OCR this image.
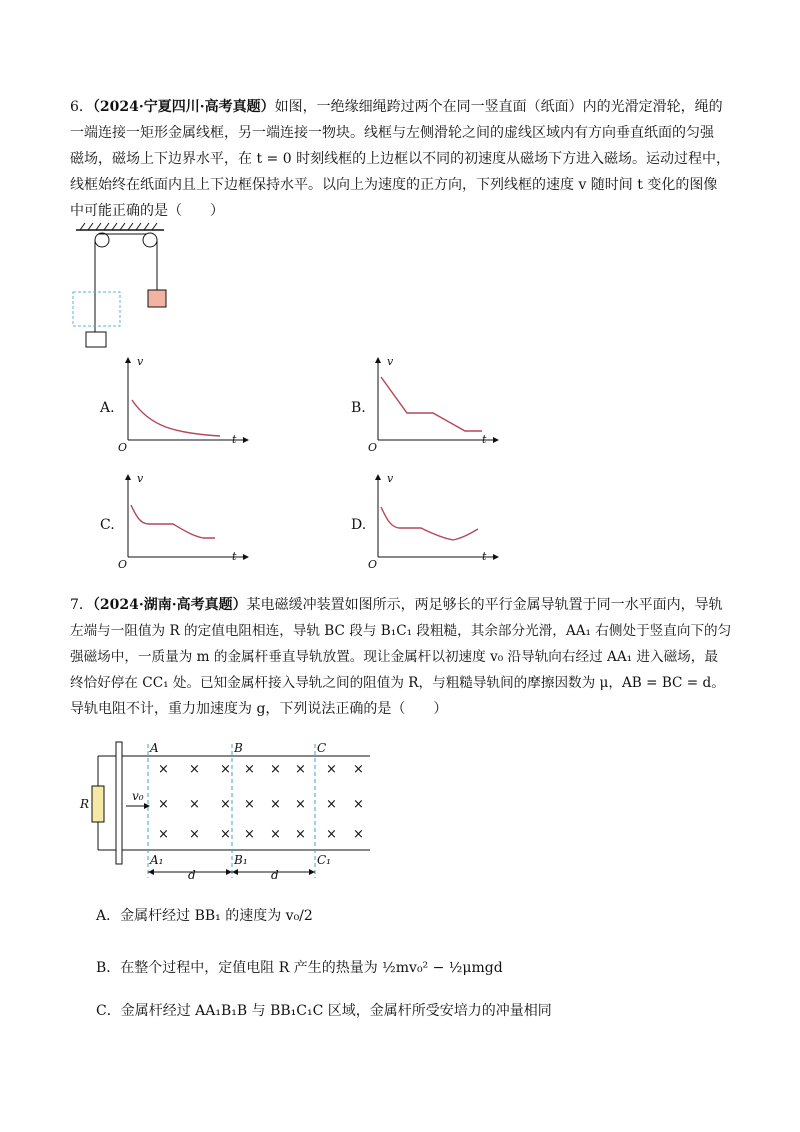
6．（2024·宁夏四川·高考真题）如图，一绝缘细绳跨过两个在同一竖直面（纸面）内的光滑定滑轮，绳的
一端连接一矩形金属线框，另一端连接一物块。线框与左侧滑轮之间的虚线区域内有方向垂直纸面的匀强
磁场，磁场上下边界水平，在 t = 0 时刻线框的上边框以不同的初速度从磁场下方进入磁场。运动过程中，
线框始终在纸面内且上下边框保持水平。以向上为速度的正方向，下列线框的速度 v 随时间 t 变化的图像
中可能正确的是（　　）
A.
v
t
O
B.
v
t
O
C.
v
t
O
D.
v
t
O
7．（2024·湖南·高考真题）某电磁缓冲装置如图所示，两足够长的平行金属导轨置于同一水平面内，导轨
左端与一阻值为 R 的定值电阻相连，导轨 BC 段与 B₁C₁ 段粗糙，其余部分光滑，AA₁ 右侧处于竖直向下的匀
强磁场中，一质量为 m 的金属杆垂直导轨放置。现让金属杆以初速度 v₀ 沿导轨向右经过 AA₁ 进入磁场，最
终恰好停在 CC₁ 处。已知金属杆接入导轨之间的阻值为 R，与粗糙导轨间的摩擦因数为 μ，AB = BC = d。
导轨电阻不计，重力加速度为 g，下列说法正确的是（　　）
R
v₀
A	B	C
A₁	B₁	C₁
× × × × × × × ×
× × × × × × × ×
× × × × × × × ×
d	d
A．金属杆经过 BB₁ 的速度为 v₀/2
B．在整个过程中，定值电阻 R 产生的热量为 ½mv₀² − ½μmgd
C．金属杆经过 AA₁B₁B 与 BB₁C₁C 区域，金属杆所受安培力的冲量相同
